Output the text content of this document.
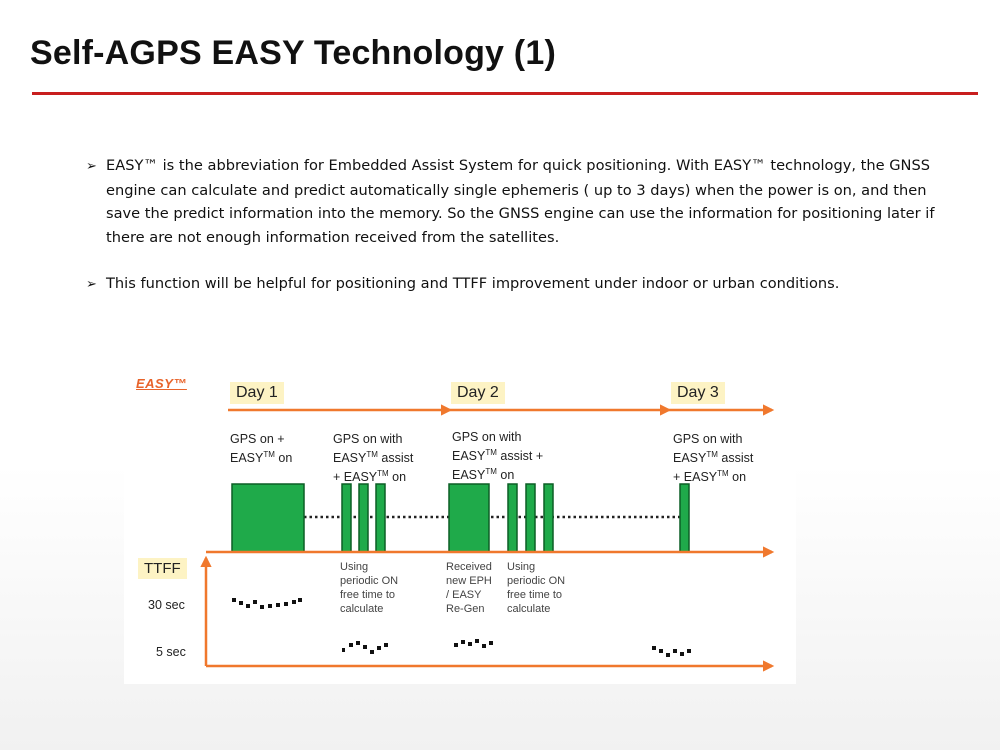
Self-AGPS EASY Technology (1)

➢ EASY™ is the abbreviation for Embedded Assist System for quick positioning. With EASY™ technology, the GNSS engine can calculate and predict automatically single ephemeris ( up to 3 days) when the power is on, and then save the predict information into the memory. So the GNSS engine can use the information for positioning later if there are not enough information received from the satellites.

➢ This function will be helpful for positioning and TTFF improvement under indoor or urban conditions.

EASY™
Day 1	Day 2	Day 3
GPS on +
EASY™ on
GPS on with
EASY™ assist
+ EASY™ on
GPS on with
EASY™ assist +
EASY™ on
GPS on with
EASY™ assist
+ EASY™ on
Using
periodic ON
free time to
calculate
Received
new EPH
/ EASY
Re-Gen
Using
periodic ON
free time to
calculate
TTFF
30 sec
5 sec
